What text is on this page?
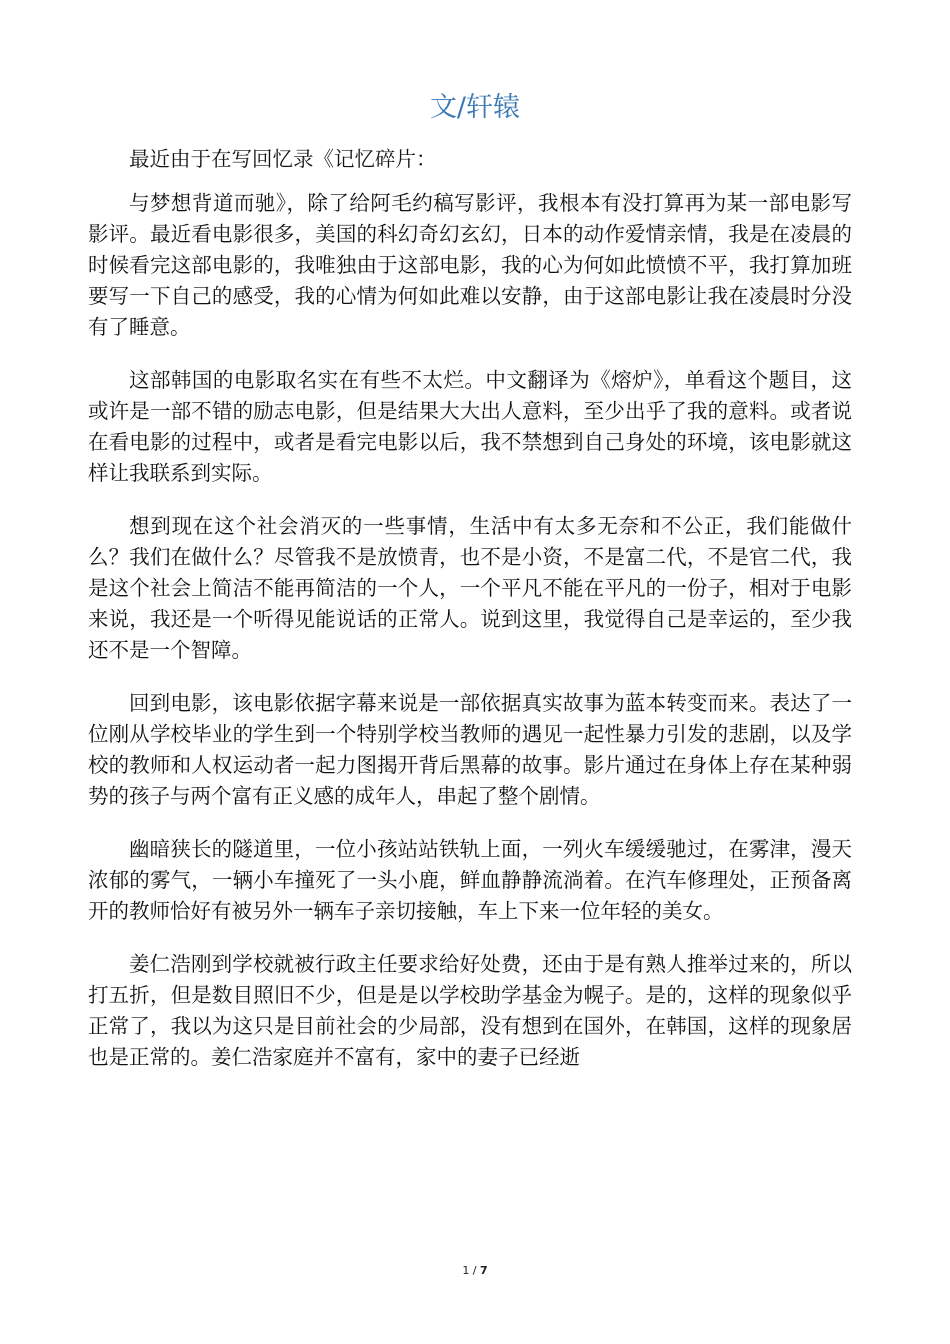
文/轩辕

最近由于在写回忆录《记忆碎片：

与梦想背道而驰》，除了给阿毛约稿写影评，我根本有没打算再为某一部电影写影评。最近看电影很多，美国的科幻奇幻玄幻，日本的动作爱情亲情，我是在凌晨的时候看完这部电影的，我唯独由于这部电影，我的心为何如此愤愤不平，我打算加班要写一下自己的感受，我的心情为何如此难以安静，由于这部电影让我在凌晨时分没有了睡意。

这部韩国的电影取名实在有些不太烂。中文翻译为《熔炉》，单看这个题目，这或许是一部不错的励志电影，但是结果大大出人意料，至少出乎了我的意料。或者说在看电影的过程中，或者是看完电影以后，我不禁想到自己身处的环境，该电影就这样让我联系到实际。

想到现在这个社会消灭的一些事情，生活中有太多无奈和不公正，我们能做什么？我们在做什么？尽管我不是放愤青，也不是小资，不是富二代，不是官二代，我是这个社会上简洁不能再简洁的一个人，一个平凡不能在平凡的一份子，相对于电影来说，我还是一个听得见能说话的正常人。说到这里，我觉得自己是幸运的，至少我还不是一个智障。

回到电影，该电影依据字幕来说是一部依据真实故事为蓝本转变而来。表达了一位刚从学校毕业的学生到一个特别学校当教师的遇见一起性暴力引发的悲剧，以及学校的教师和人权运动者一起力图揭开背后黑幕的故事。影片通过在身体上存在某种弱势的孩子与两个富有正义感的成年人，串起了整个剧情。

幽暗狭长的隧道里，一位小孩站站铁轨上面，一列火车缓缓驰过，在雾津，漫天浓郁的雾气，一辆小车撞死了一头小鹿，鲜血静静流淌着。在汽车修理处，正预备离开的教师恰好有被另外一辆车子亲切接触，车上下来一位年轻的美女。

姜仁浩刚到学校就被行政主任要求给好处费，还由于是有熟人推举过来的，所以打五折，但是数目照旧不少，但是是以学校助学基金为幌子。是的，这样的现象似乎正常了，我以为这只是目前社会的少局部，没有想到在国外，在韩国，这样的现象居也是正常的。姜仁浩家庭并不富有，家中的妻子已经逝

1 / 7
